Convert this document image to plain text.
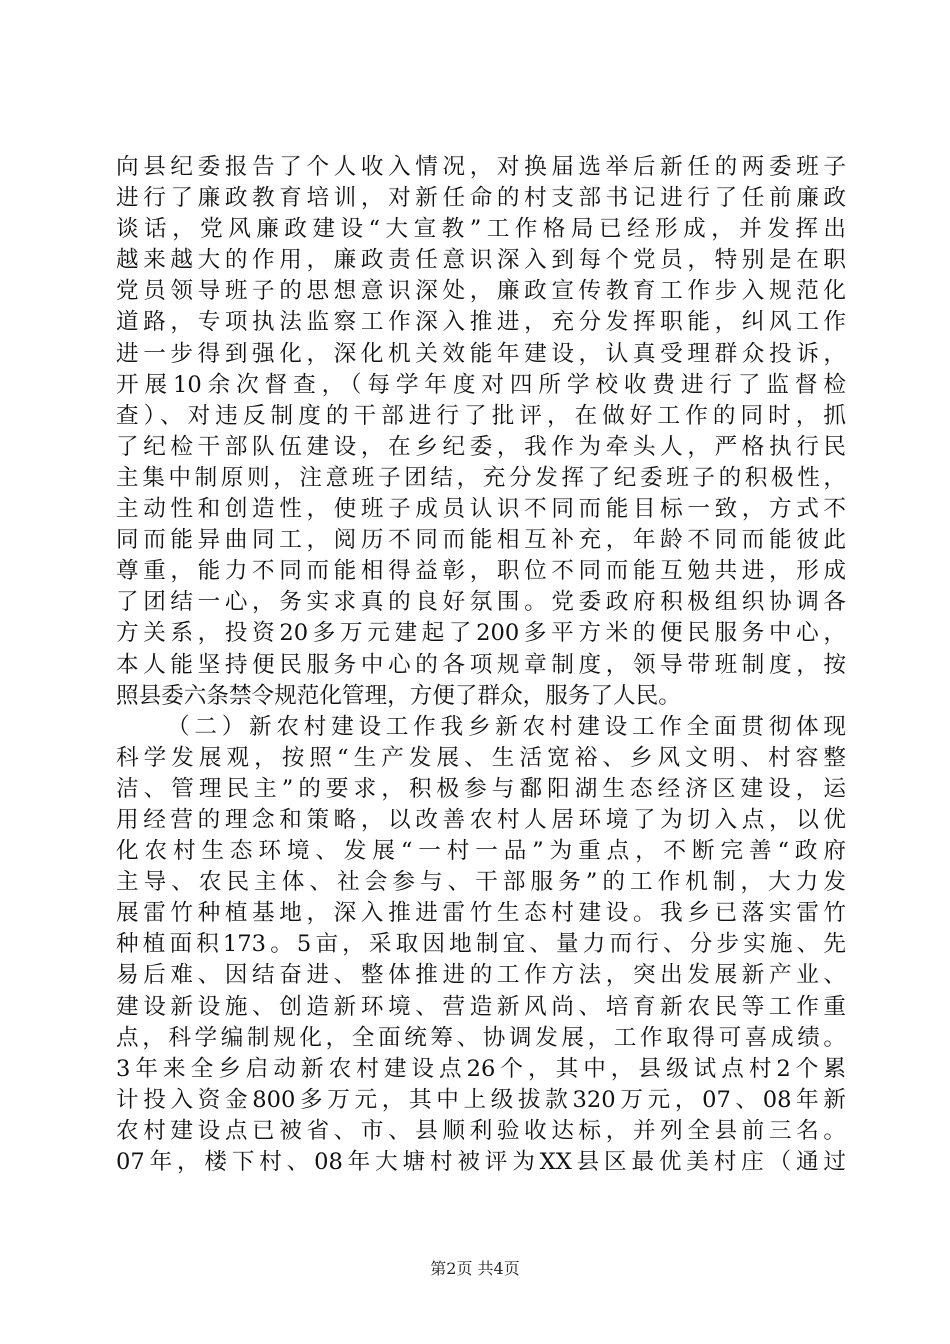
向县纪委报告了个人收入情况，对换届选举后新任的两委班子
进行了廉政教育培训，对新任命的村支部书记进行了任前廉政
谈话，党风廉政建设“大宣教”工作格局已经形成，并发挥出
越来越大的作用，廉政责任意识深入到每个党员，特别是在职
党员领导班子的思想意识深处，廉政宣传教育工作步入规范化
道路，专项执法监察工作深入推进，充分发挥职能，纠风工作
进一步得到强化，深化机关效能年建设，认真受理群众投诉，
开展10余次督查，（每学年度对四所学校收费进行了监督检
查）、对违反制度的干部进行了批评，在做好工作的同时，抓
了纪检干部队伍建设，在乡纪委，我作为牵头人，严格执行民
主集中制原则，注意班子团结，充分发挥了纪委班子的积极性，
主动性和创造性，使班子成员认识不同而能目标一致，方式不
同而能异曲同工，阅历不同而能相互补充，年龄不同而能彼此
尊重，能力不同而能相得益彰，职位不同而能互勉共进，形成
了团结一心，务实求真的良好氛围。党委政府积极组织协调各
方关系，投资20多万元建起了200多平方米的便民服务中心，
本人能坚持便民服务中心的各项规章制度，领导带班制度，按
照县委六条禁令规范化管理，方便了群众，服务了人民。
（二）新农村建设工作我乡新农村建设工作全面贯彻体现
科学发展观，按照“生产发展、生活宽裕、乡风文明、村容整
洁、管理民主”的要求，积极参与鄱阳湖生态经济区建设，运
用经营的理念和策略，以改善农村人居环境了为切入点，以优
化农村生态环境、发展“一村一品”为重点，不断完善“政府
主导、农民主体、社会参与、干部服务”的工作机制，大力发
展雷竹种植基地，深入推进雷竹生态村建设。我乡已落实雷竹
种植面积173。5亩，采取因地制宜、量力而行、分步实施、先
易后难、因结奋进、整体推进的工作方法，突出发展新产业、
建设新设施、创造新环境、营造新风尚、培育新农民等工作重
点，科学编制规化，全面统筹、协调发展，工作取得可喜成绩。
3年来全乡启动新农村建设点26个，其中，县级试点村2个累
计投入资金800多万元，其中上级拔款320万元，07、08年新
农村建设点已被省、市、县顺利验收达标，并列全县前三名。
07年，楼下村、08年大塘村被评为XX县区最优美村庄（通过
第2页 共4页
